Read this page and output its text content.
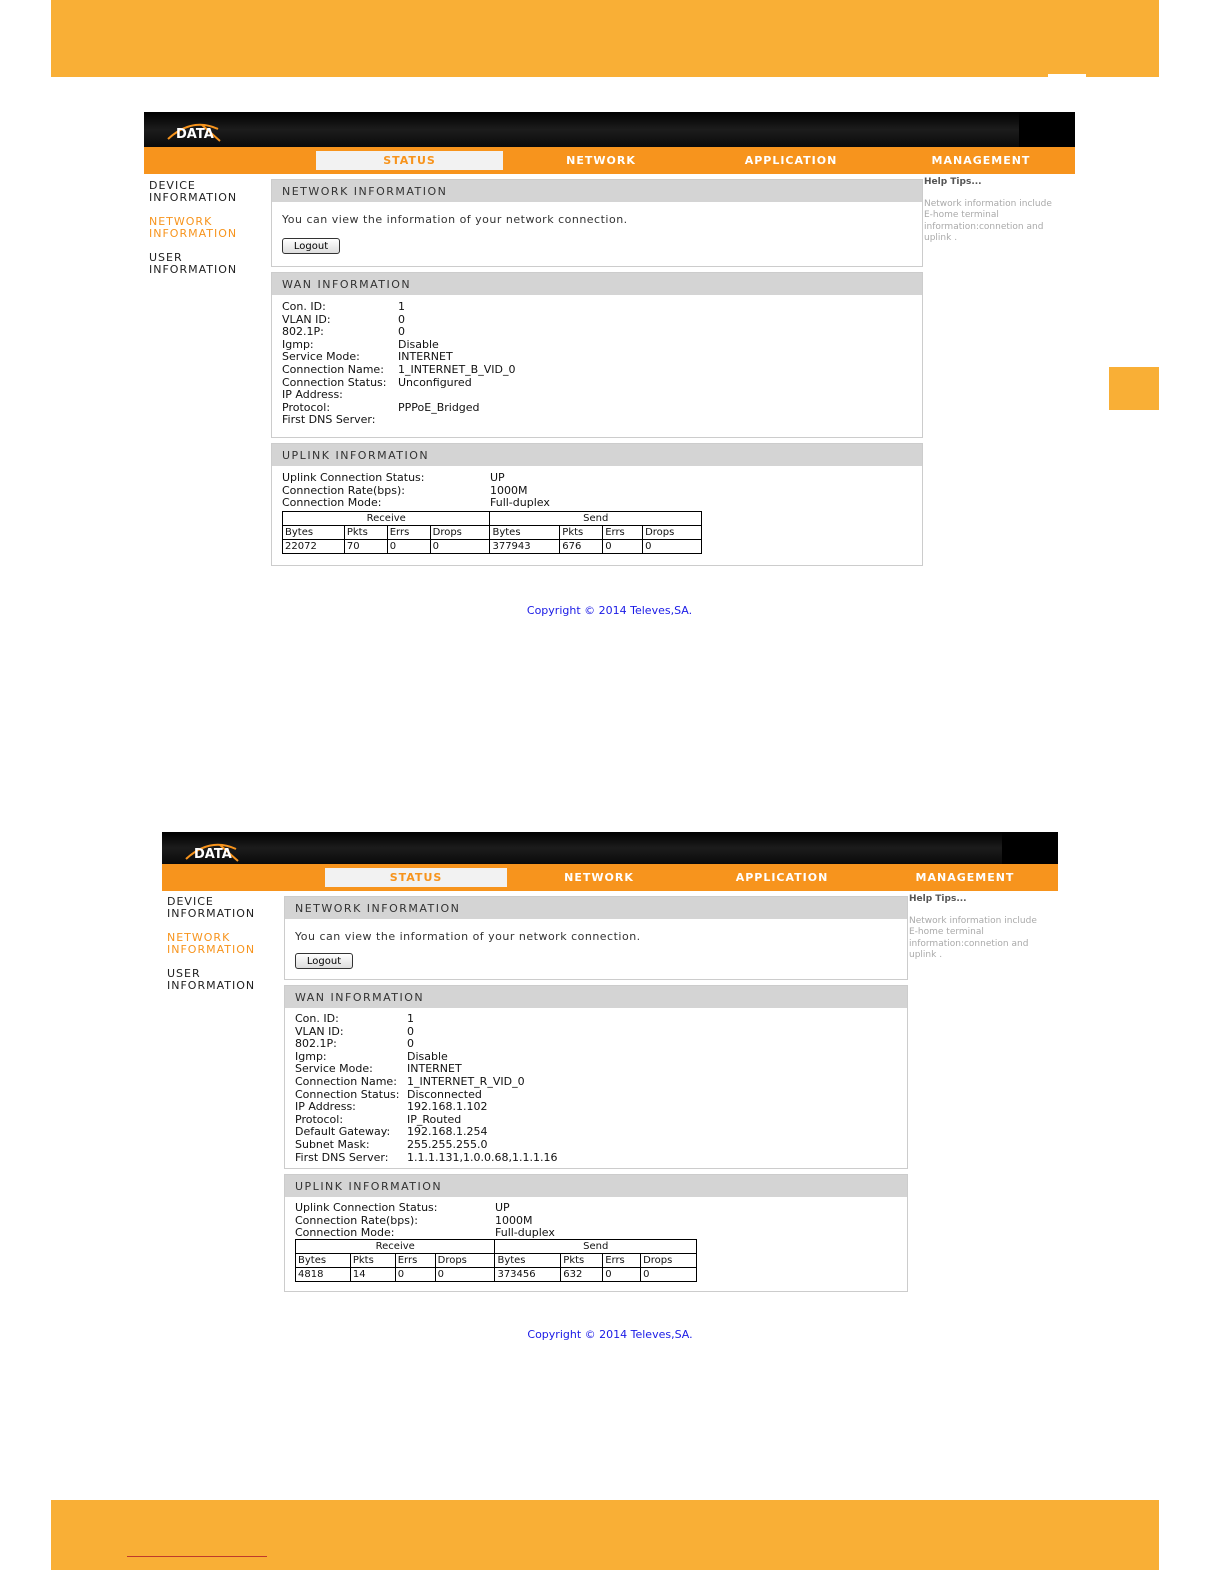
DATA
STATUS	NETWORK	APPLICATION	MANAGEMENT
DEVICE
INFORMATION
NETWORK
INFORMATION
USER
INFORMATION
Help Tips...
Network information include
E-home terminal
information:connetion and
uplink .
NETWORK INFORMATION
You can view the information of your network connection.
Logout
WAN INFORMATION
Con. ID:	1
VLAN ID:	0
802.1P:	0
Igmp:	Disable
Service Mode:	INTERNET
Connection Name:	1_INTERNET_B_VID_0
Connection Status:	Unconfigured
IP Address:
Protocol:	PPPoE_Bridged
First DNS Server:
UPLINK INFORMATION
Uplink Connection Status:	UP
Connection Rate(bps):	1000M
Connection Mode:	Full-duplex
Receive				Send			
Bytes	Pkts	Errs	Drops	Bytes	Pkts	Errs	Drops
22072	70	0	0	377943	676	0	0
Copyright © 2014 Televes,SA.
DATA
STATUS	NETWORK	APPLICATION	MANAGEMENT
DEVICE
INFORMATION
NETWORK
INFORMATION
USER
INFORMATION
Help Tips...
Network information include
E-home terminal
information:connetion and
uplink .
NETWORK INFORMATION
You can view the information of your network connection.
Logout
WAN INFORMATION
Con. ID:	1
VLAN ID:	0
802.1P:	0
Igmp:	Disable
Service Mode:	INTERNET
Connection Name: 1_INTERNET_R_VID_0
Connection Status: Disconnected
IP Address:	192.168.1.102
Protocol:	IP_Routed
Default Gateway:	192.168.1.254
Subnet Mask:	255.255.255.0
First DNS Server:	1.1.1.131,1.0.0.68,1.1.1.16
UPLINK INFORMATION
Uplink Connection Status:	UP
Connection Rate(bps):	1000M
Connection Mode:	Full-duplex
Receive				Send			
Bytes	Pkts	Errs	Drops	Bytes	Pkts	Errs	Drops
4818	14	0	0	373456	632	0	0
Copyright © 2014 Televes,SA.
